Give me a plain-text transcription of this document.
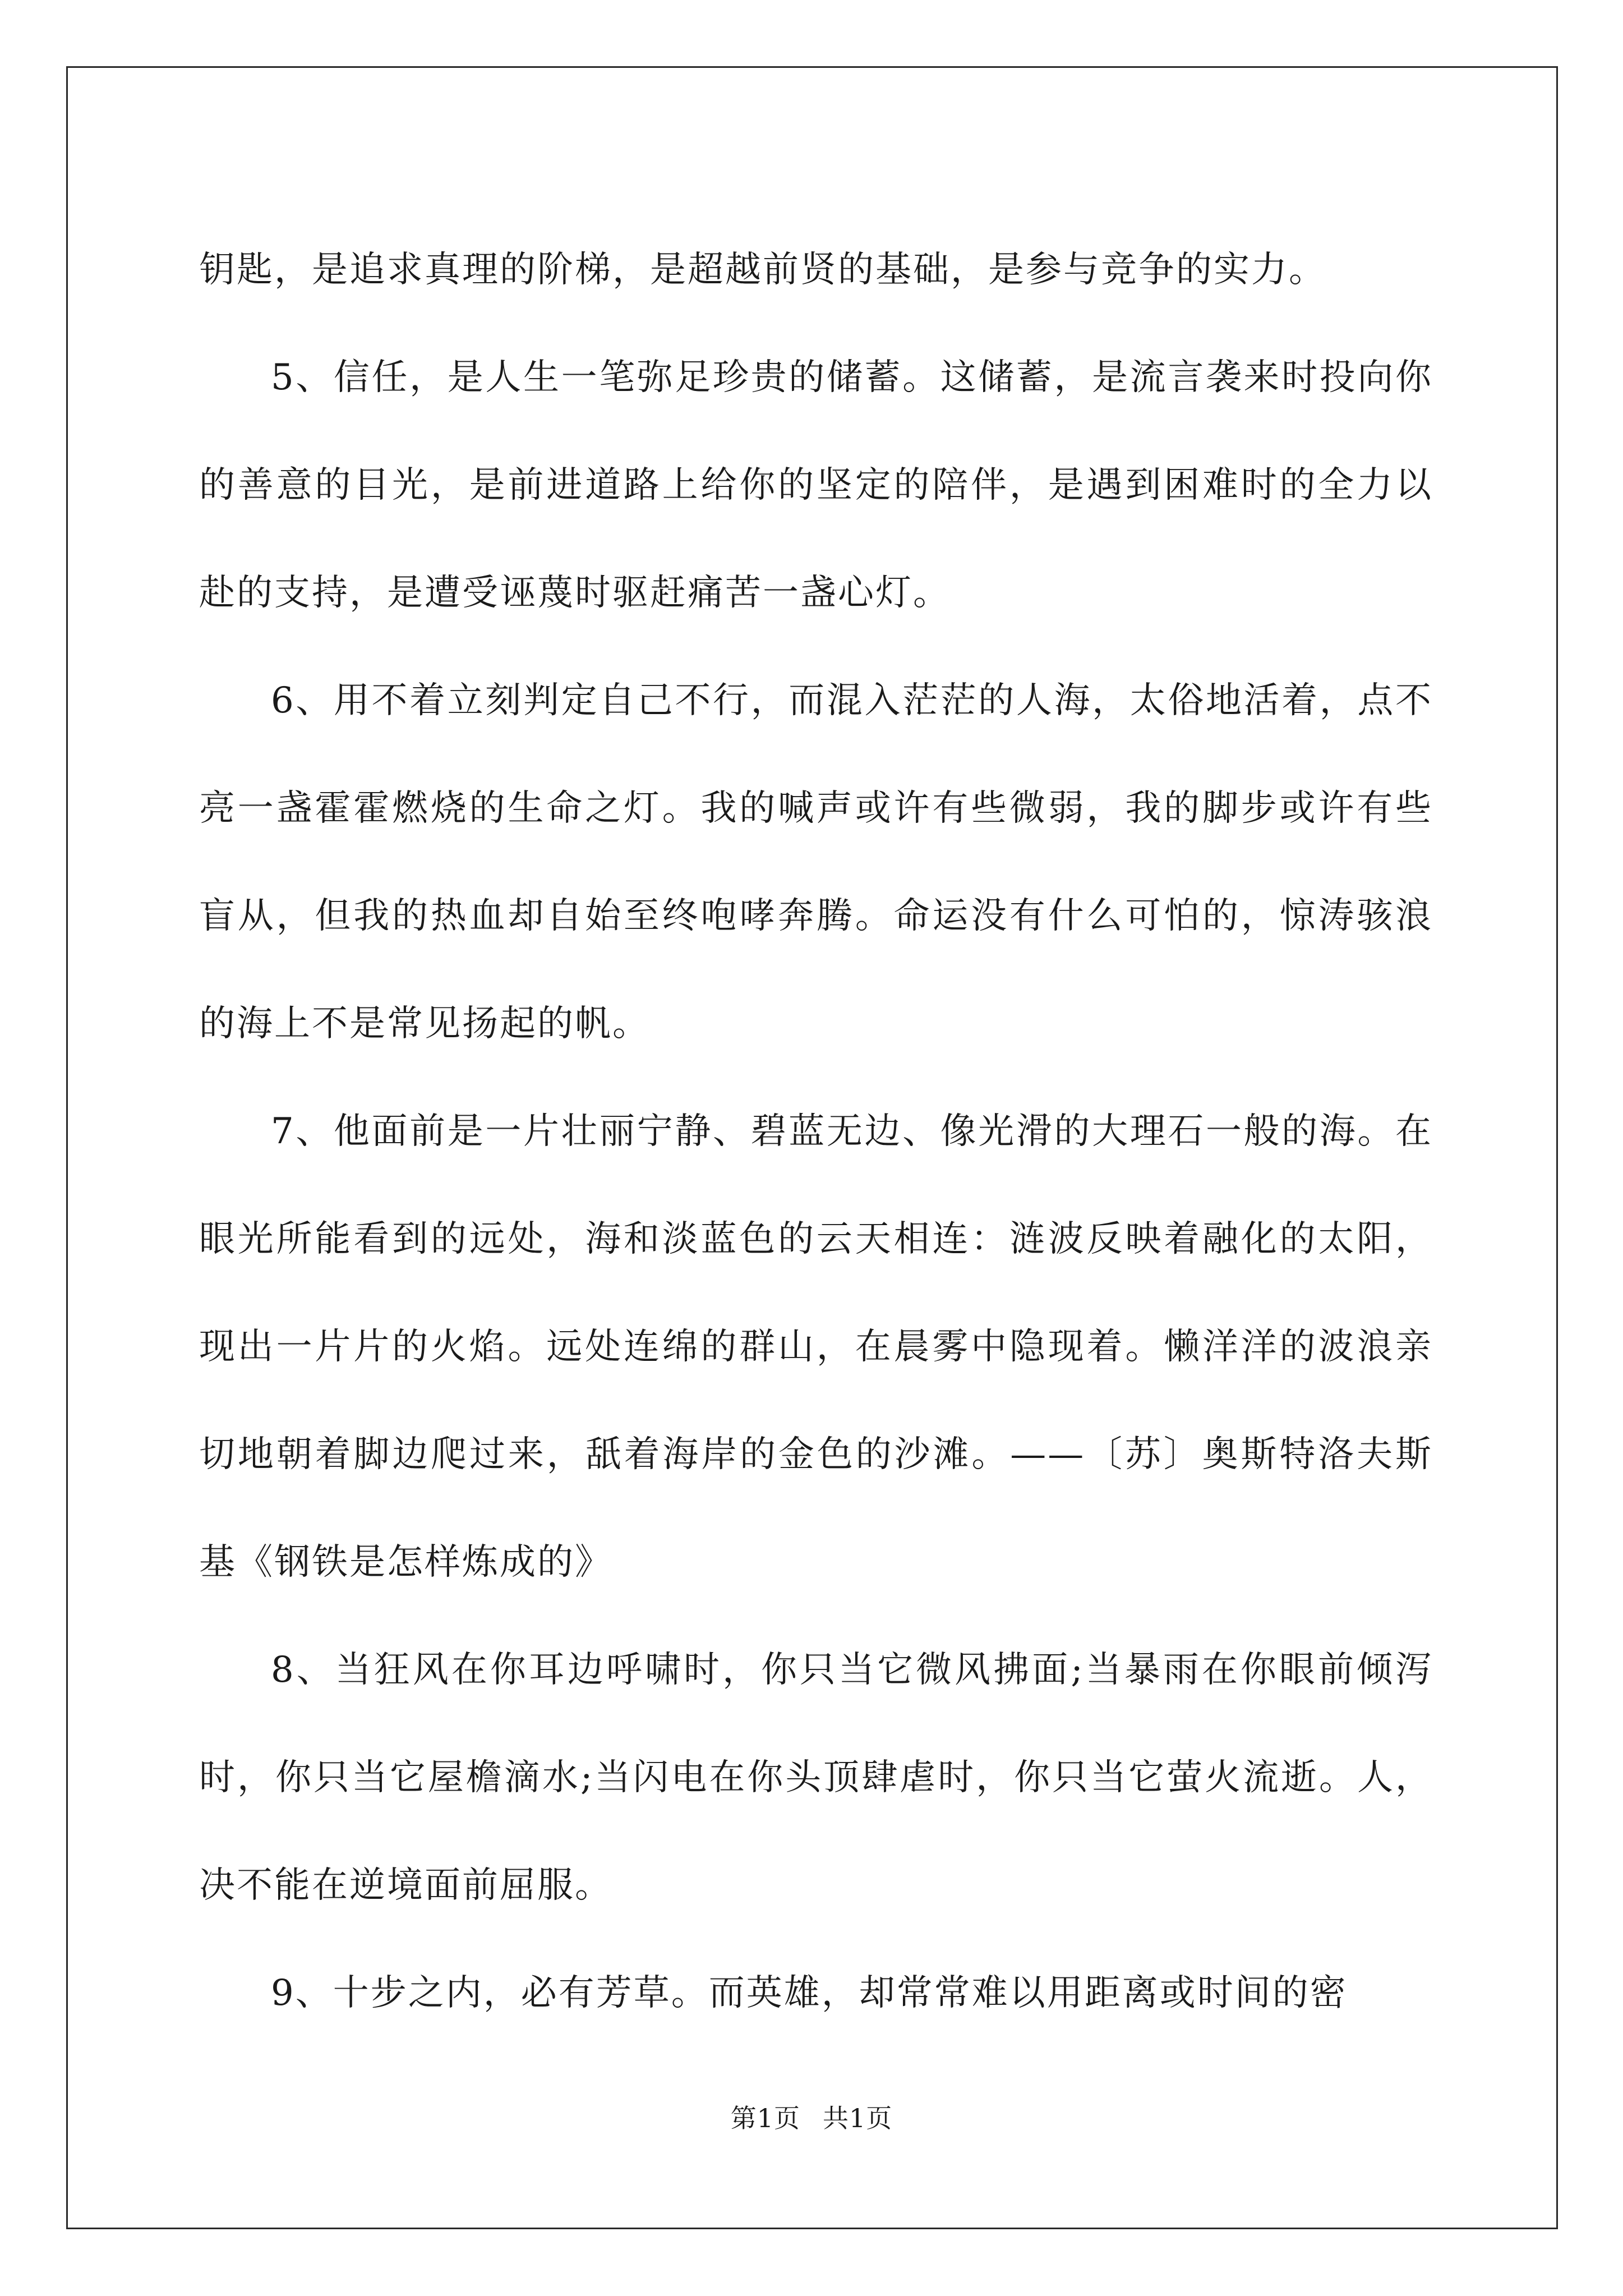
钥匙，是追求真理的阶梯，是超越前贤的基础，是参与竞争的实力。

5、信任，是人生一笔弥足珍贵的储蓄。这储蓄，是流言袭来时投向你的善意的目光，是前进道路上给你的坚定的陪伴，是遇到困难时的全力以赴的支持，是遭受诬蔑时驱赶痛苦一盏心灯。

6、用不着立刻判定自己不行，而混入茫茫的人海，太俗地活着，点不亮一盏霍霍燃烧的生命之灯。我的喊声或许有些微弱，我的脚步或许有些盲从，但我的热血却自始至终咆哮奔腾。命运没有什么可怕的，惊涛骇浪的海上不是常见扬起的帆。

7、他面前是一片壮丽宁静、碧蓝无边、像光滑的大理石一般的海。在眼光所能看到的远处，海和淡蓝色的云天相连：涟波反映着融化的太阳，现出一片片的火焰。远处连绵的群山，在晨雾中隐现着。懒洋洋的波浪亲切地朝着脚边爬过来，舐着海岸的金色的沙滩。——〔苏〕奥斯特洛夫斯基《钢铁是怎样炼成的》

8、当狂风在你耳边呼啸时，你只当它微风拂面;当暴雨在你眼前倾泻时，你只当它屋檐滴水;当闪电在你头顶肆虐时，你只当它萤火流逝。人，决不能在逆境面前屈服。

9、十步之内，必有芳草。而英雄，却常常难以用距离或时间的密

第1页 共1页
